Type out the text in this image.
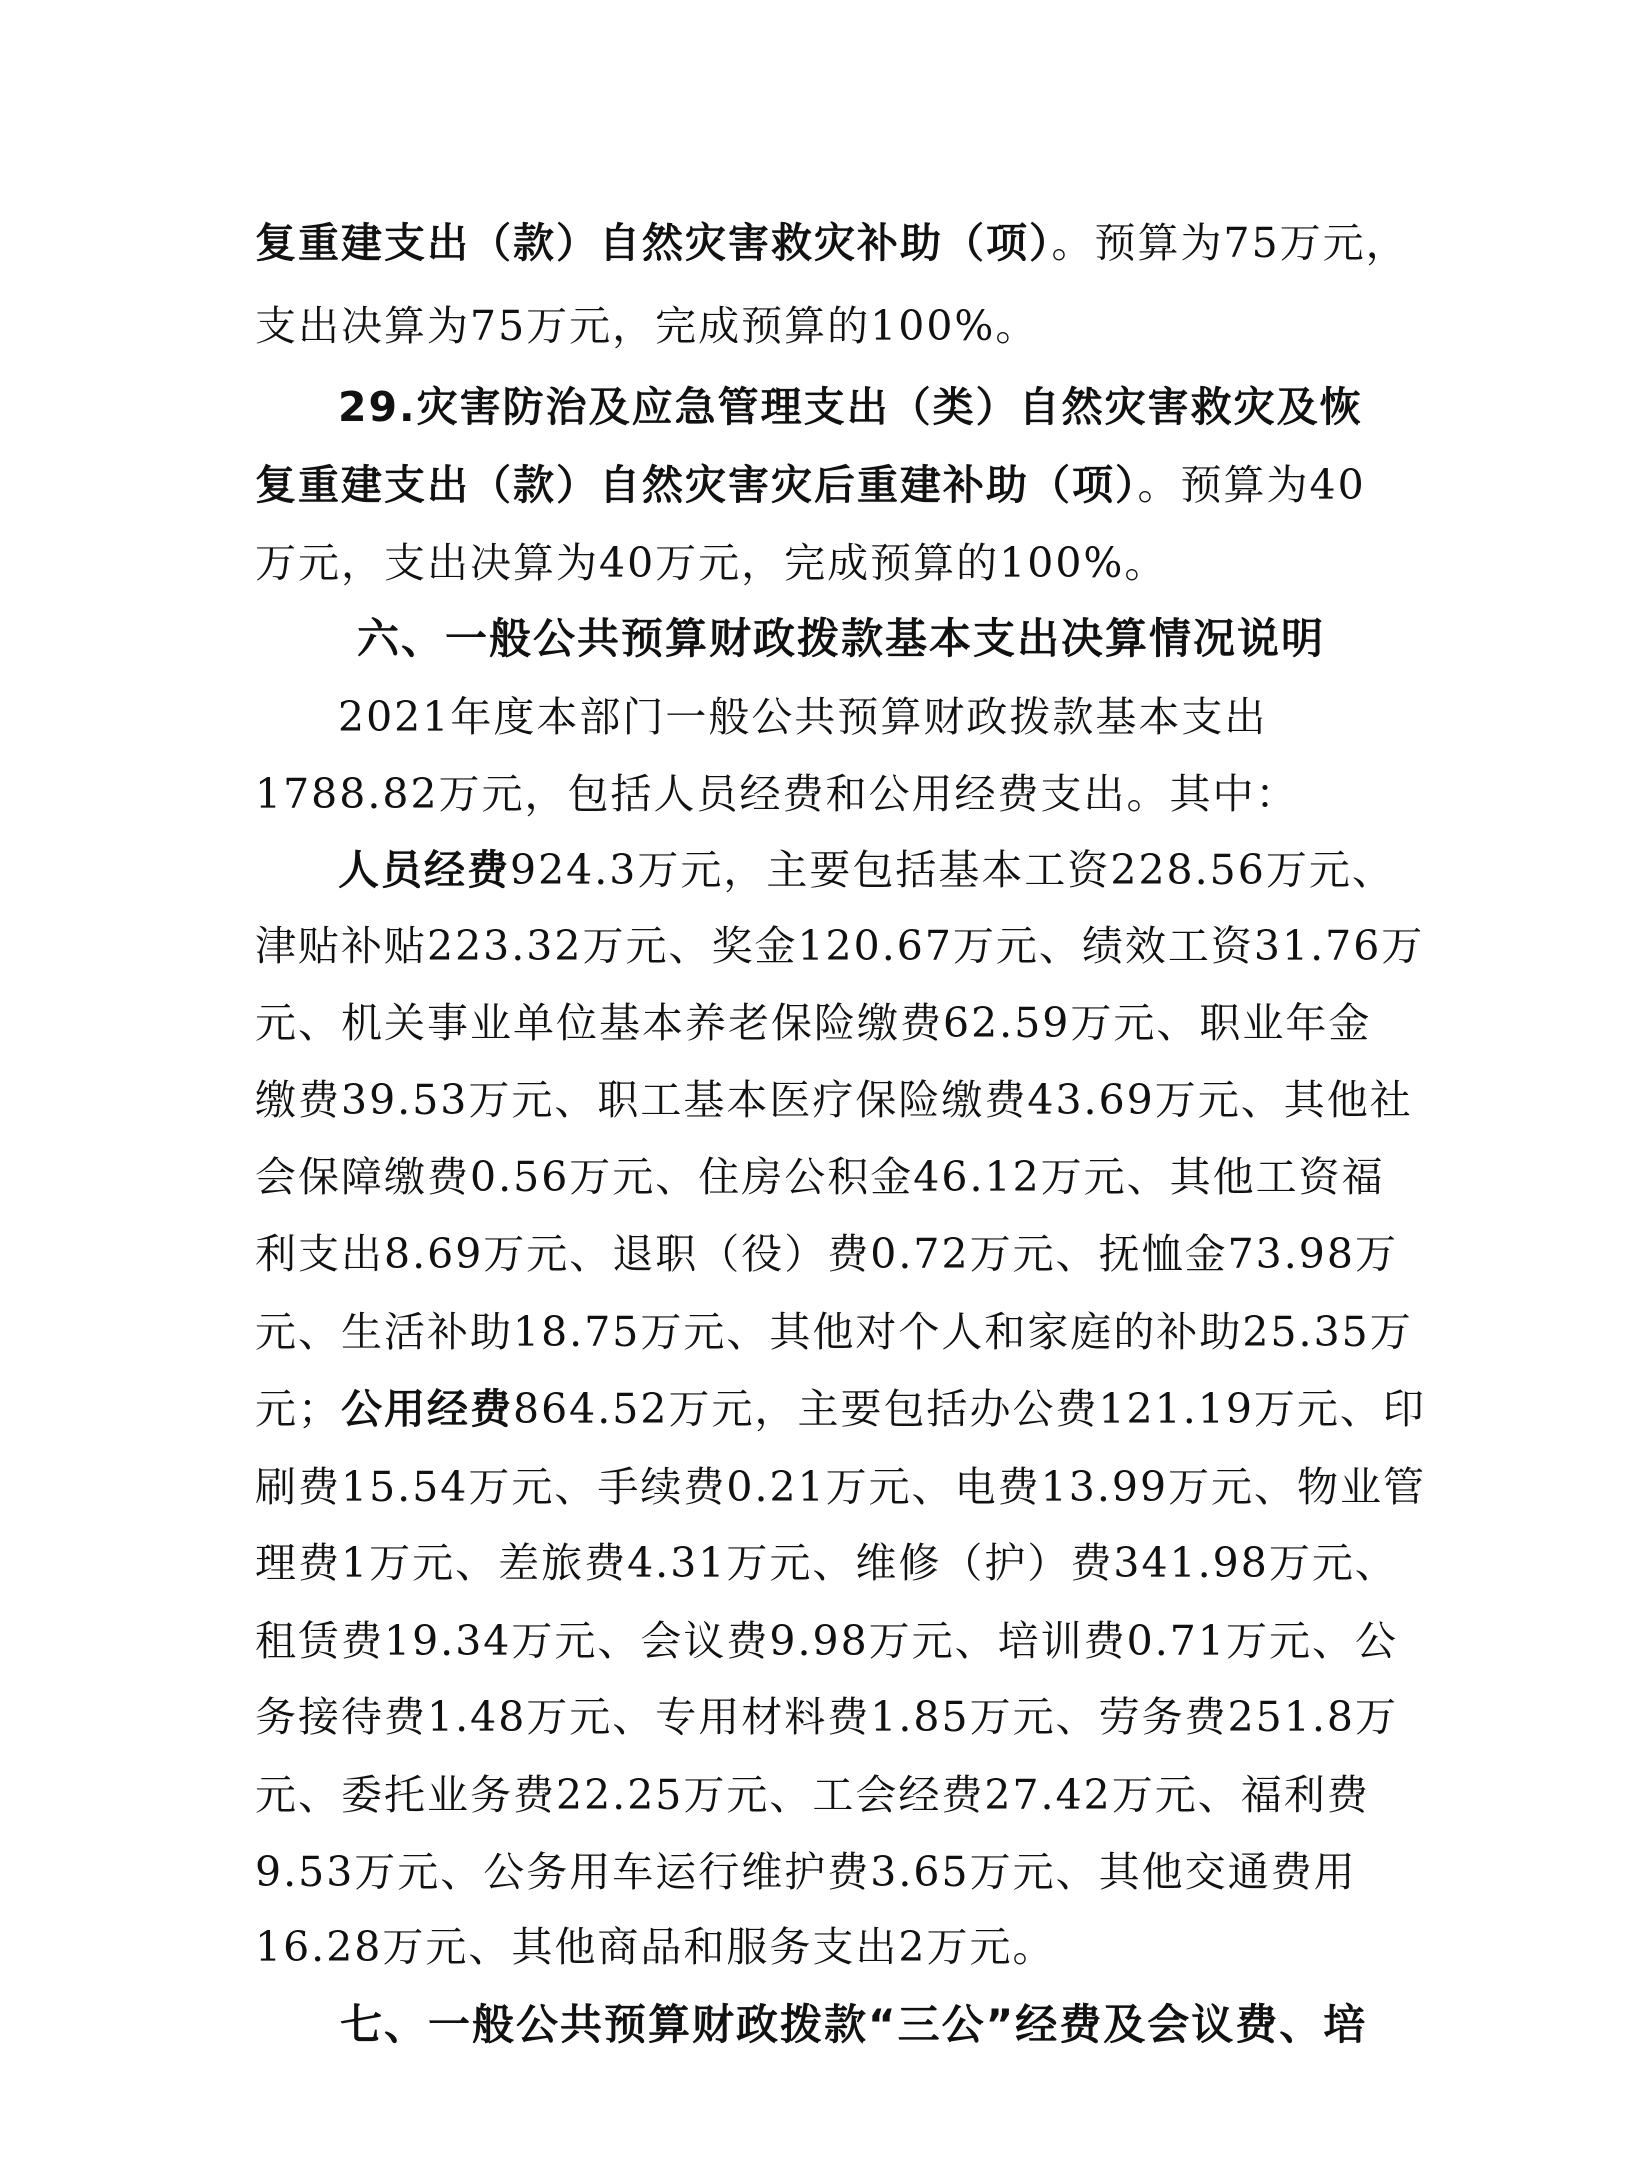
复重建支出（款）自然灾害救灾补助（项）。预算为75万元，

支出决算为75万元，完成预算的100%。

29.灾害防治及应急管理支出（类）自然灾害救灾及恢

复重建支出（款）自然灾害灾后重建补助（项）。预算为40

万元，支出决算为40万元，完成预算的100%。

六、一般公共预算财政拨款基本支出决算情况说明

2021年度本部门一般公共预算财政拨款基本支出

1788.82万元，包括人员经费和公用经费支出。其中：

人员经费924.3万元，主要包括基本工资228.56万元、

津贴补贴223.32万元、奖金120.67万元、绩效工资31.76万

元、机关事业单位基本养老保险缴费62.59万元、职业年金

缴费39.53万元、职工基本医疗保险缴费43.69万元、其他社

会保障缴费0.56万元、住房公积金46.12万元、其他工资福

利支出8.69万元、退职（役）费0.72万元、抚恤金73.98万

元、生活补助18.75万元、其他对个人和家庭的补助25.35万

元；公用经费864.52万元，主要包括办公费121.19万元、印

刷费15.54万元、手续费0.21万元、电费13.99万元、物业管

理费1万元、差旅费4.31万元、维修（护）费341.98万元、

租赁费19.34万元、会议费9.98万元、培训费0.71万元、公

务接待费1.48万元、专用材料费1.85万元、劳务费251.8万

元、委托业务费22.25万元、工会经费27.42万元、福利费

9.53万元、公务用车运行维护费3.65万元、其他交通费用

16.28万元、其他商品和服务支出2万元。

七、一般公共预算财政拨款“三公”经费及会议费、培
